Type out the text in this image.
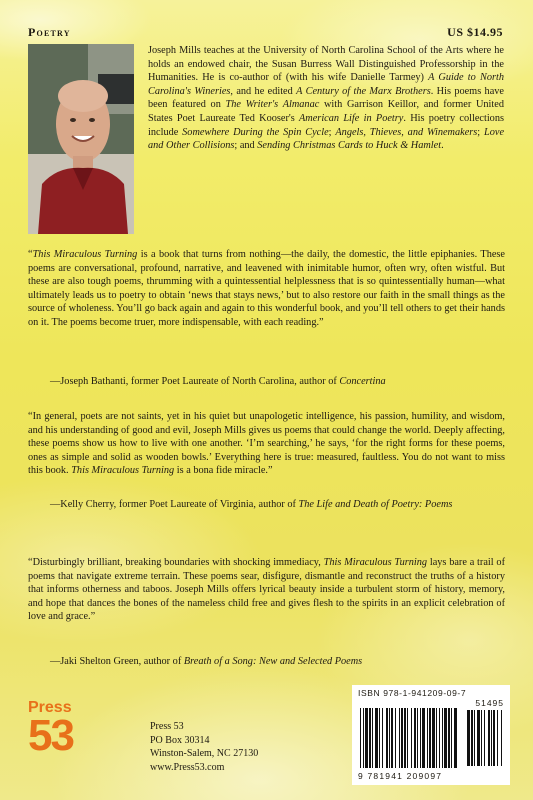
Poetry	US $14.95
Joseph Mills teaches at the University of North Carolina School of the Arts where he holds an endowed chair, the Susan Burress Wall Distinguished Professorship in the Humanities. He is co-author of (with his wife Danielle Tarmey) A Guide to North Carolina's Wineries, and he edited A Century of the Marx Brothers. His poems have been featured on The Writer's Almanac with Garrison Keillor, and former United States Poet Laureate Ted Kooser's American Life in Poetry. His poetry collections include Somewhere During the Spin Cycle; Angels, Thieves, and Winemakers; Love and Other Collisions; and Sending Christmas Cards to Huck & Hamlet.
“This Miraculous Turning is a book that turns from nothing—the daily, the domestic, the little epiphanies. These poems are conversational, profound, narrative, and leavened with inimitable humor, often wry, often wistful. But these are also tough poems, thrumming with a quintessential helplessness that is so quintessentially human—what ultimately leads us to poetry to obtain ‘news that stays news,’ but to also restore our faith in the small things as the source of wholeness. You’ll go back again and again to this wonderful book, and you’ll tell others to get their hands on it. The poems become truer, more indispensable, with each reading.”
—Joseph Bathanti, former Poet Laureate of North Carolina, author of Concertina
“In general, poets are not saints, yet in his quiet but unapologetic intelligence, his passion, humility, and wisdom, and his understanding of good and evil, Joseph Mills gives us poems that could change the world. Deeply affecting, these poems show us how to live with one another. ‘I’m searching,’ he says, ‘for the right forms for these poems, ones as simple and solid as wooden bowls.’ Everything here is true: measured, faultless. You do not want to miss this book. This Miraculous Turning is a bona fide miracle.”
—Kelly Cherry, former Poet Laureate of Virginia, author of The Life and Death of Poetry: Poems
“Disturbingly brilliant, breaking boundaries with shocking immediacy, This Miraculous Turning lays bare a trail of poems that navigate extreme terrain. These poems sear, disfigure, dismantle and reconstruct the truths of a history that informs otherness and taboos. Joseph Mills offers lyrical beauty inside a turbulent storm of history, memory, and hope that dances the bones of the nameless child free and gives flesh to the spirits in an explicit celebration of love and grace.”
—Jaki Shelton Green, author of Breath of a Song: New and Selected Poems
Press
53	Press 53
PO Box 30314
Winston-Salem, NC 27130
www.Press53.com
ISBN 978-1-941209-09-7
51495
9 781941 209097
